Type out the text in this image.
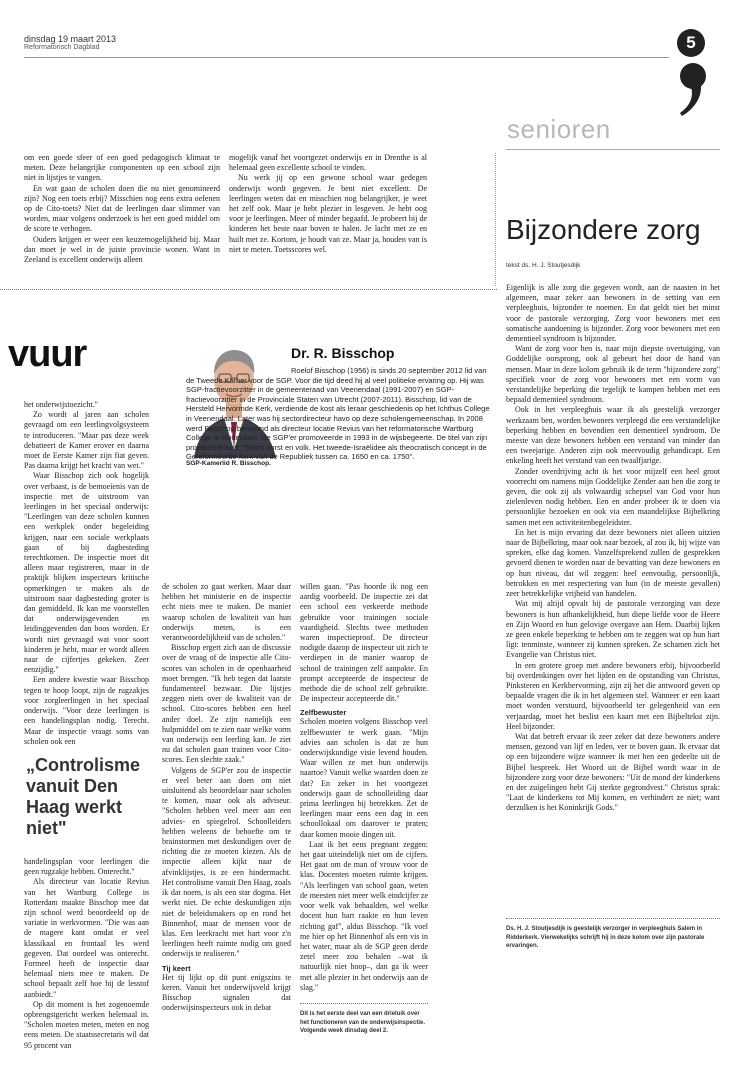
dinsdag 19 maart 2013
Reformatorisch Dagblad	5
senioren
Bijzondere zorg
tekst ds. H. J. Stoutjesdijk

Eigenlijk is alle zorg die gegeven wordt, aan de naasten in het algemeen, maar zeker aan bewoners in de setting van een verpleeghuis, bijzonder te noemen. En dat geldt niet het minst voor de pastorale verzorging. Zorg voor bewoners met een somatische aandoening is bijzonder. Zorg voor bewoners met een dementieel syndroom is bijzonder.

Want de zorg voor hen is, naar mijn diepste overtuiging, van Goddelijke oorsprong, ook al gebeurt het door de hand van mensen. Maar in deze kolom gebruik ik de term "bijzondere zorg" specifiek voor de zorg voor bewoners met een vorm van verstandelijke beperking die tegelijk te kampen hebben met een bepaald dementieel syndroom.

Ook in het verpleeghuis waar ik als geestelijk verzorger werkzaam ben, worden bewoners verpleegd die een verstandelijke beperking hebben en bovendien een dementieel syndroom. De meeste van deze bewoners hebben een verstand van minder dan een tweejarige. Anderen zijn ook meervoudig gehandicapt. Een enkeling heeft het verstand van een twaalfjarige.

Zonder overdrijving acht ik het voor mijzelf een heel groot voorrecht om namens mijn Goddelijke Zender aan hen die zorg te geven, die ook zij als volwaardig schepsel van God voor hun zielenleven nodig hebben. Een en ander probeer ik te doen via persoonlijke bezoeken en ook via een maandelijkse Bijbelkring samen met een activiteitenbegeleidster.

En het is mijn ervaring dat deze bewoners niet alleen uitzien naar de Bijbelkring, maar ook naar bezoek, al zou ik, bij wijze van spreken, elke dag komen. Vanzelfsprekend zullen de gesprekken gevoerd dienen te worden naar de bevatting van deze bewoners en op hun niveau, dat wil zeggen: heel eenvoudig, persoonlijk, betrokken en met respectering van hun (in de meeste gevallen) zeer betrekkelijke vrijheid van handelen.

Wat mij altijd opvalt bij de pastorale verzorging van deze bewoners is hun afhankelijkheid, hun diepe liefde voor de Heere en Zijn Woord en hun gelovige overgave aan Hem. Daarbij lijken ze geen enkele beperking te hebben om te zeggen wat op hun hart ligt: tenminste, wanneer zij kunnen spreken. Ze schamen zich het Evangelie van Christus niet.

In een grotere groep met andere bewoners erbij, bijvoorbeeld bij overdenkingen over het lijden en de opstanding van Christus, Pinksteren en Kerkhervorming, zijn zij het die antwoord geven op bepaalde vragen die ik in het algemeen stel. Wanneer er een kaart moet worden verstuurd, bijvoorbeeld ter gelegenheid van een verjaardag, moet het beslist een kaart met een Bijbeltekst zijn. Heel bijzonder.

Wat dat betreft ervaar ik zeer zeker dat deze bewoners andere mensen, gezond van lijf en leden, ver te boven gaan. Ik ervaar dat op een bijzondere wijze wanneer ik met hen een gedeelte uit de Bijbel bespreek. Het Woord uit de Bijbel wordt waar in de bijzondere zorg voor deze bewoners: "Uit de mond der kinderkens en der zuigelingen hebt Gij sterkte gegrondvest." Christus sprak: "Laat de kinderkens tot Mij komen, en verhindert ze niet; want derzulken is het Koninkrijk Gods."

Ds. H. J. Stoutjesdijk is geestelijk verzorger in verpleeghuis Salem in Ridderkerk. Vierwekelijks schrijft hij in deze kolom over zijn pastorale ervaringen.

om een goede sfeer of een goed pedagogisch klimaat te meten. Deze belangrijke componenten op een school zijn niet in lijstjes te vangen.

En wat gaan de scholen doen die nu niet genomineerd zijn? Nog een toets erbij? Misschien nog eens extra oefenen op de Cito-toets? Niet dat de leerlingen daar slimmer van worden, maar volgens onderzoek is het een goed middel om de score te verhogen.

Ouders krijgen er weer een keuzemogelijkheid bij. Maar dan moet je wel in de juiste provincie wonen. Want in Zeeland is excellent onderwijs alleen

mogelijk vanaf het voortgezet onderwijs en in Drenthe is al helemaal geen excellente school te vinden.

Nu werk jij op een gewone school waar gedegen onderwijs wordt gegeven. Je bent niet excellent. De leerlingen weten dat en misschien nog belangrijker, je weet het zelf ook. Maar je hebt plezier in lesgeven. Je hebt oog voor je leerlingen. Meer of minder begaafd. Je probeert bij de kinderen het beste naar boven te halen. Je lacht met ze en huilt met ze. Kortom, je houdt van ze. Maar ja, houden van is niet te meten. Toetsscores wel.

vuur
SGP-Kamerlid R. Bisschop.
Dr. R. Bisschop
Roelof Bisschop (1956) is sinds 20 september 2012 lid van de Tweede Kamer voor de SGP. Voor die tijd deed hij al veel politieke ervaring op. Hij was SGP-fractievoorzitter in de gemeenteraad van Veenendaal (1991-2007) en SGP-fractievoorzitter in de Provinciale Staten van Utrecht (2007-2011). Bisschop, lid van de Hersteld Hervormde Kerk, verdiende de kost als leraar geschiedenis op het Ichthus College in Veenendaal. Later was hij sectordirecteur havo op deze scholengemeenschap. In 2008 werd Bisschop benoemd als directeur locatie Revius van het reformatorische Wartburg College te Rotterdam. De SGP'er promoveerde in 1993 in de wijsbegeerte. De titel van zijn proefschrift luidt: "Sions vorst en volk. Het tweede-Israëlidee als theocratisch concept in de Gereformeerde kerk van de Republiek tussen ca. 1650 en ca. 1750".

het onderwijstoezicht."

Zo wordt al jaren aan scholen gevraagd om een leerlingvolgsysteem te introduceren. "Maar pas deze week debatteert de Kamer erover en daarna moet de Eerste Kamer zijn fiat geven. Pas daarna krijgt het kracht van wet."

Waar Bisschop zich ook hogelijk over verbaast, is de bemoeienis van de inspectie met de uitstroom van leerlingen in het speciaal onderwijs: "Leerlingen van deze scholen kunnen een werkplek onder begeleiding krijgen, naar een sociale werkplaats gaan of bij dagbesteding terechtkomen. De inspectie moet dit alleen maar registreren, maar in de praktijk blijken inspecteurs kritische opmerkingen te maken als de uitstroom naar dagbesteding groter is dan gemiddeld. Ik kan me voorstellen dat onderwijsgevenden en leidinggevenden dan boos worden. Er wordt niet gevraagd wat voor soort kinderen je hebt, maar er wordt alleen naar de cijfertjes gekeken. Zeer eenzijdig."

Een andere kwestie waar Bisschop tegen te hoop loopt, zijn de rugzakjes voor zorgleerlingen in het speciaal onderwijs. "Voor deze leerlingen is een handelingsplan nodig. Terecht. Maar de inspectie vraagt soms van scholen ook een

„Controlisme vanuit Den Haag werkt niet"

handelingsplan voor leerlingen die geen rugzakje hebben. Onterecht."

Als directeur van locatie Revius van het Wartburg College in Rotterdam maakte Bisschop mee dat zijn school werd beoordeeld op de variatie in werkvormen. "Die was aan de magere kant omdat er veel klassikaal en frontaal les werd gegeven. Dat oordeel was onterecht. Formeel heeft de inspectie daar helemaal niets mee te maken. De school bepaalt zelf hoe hij de lesstof aanbiedt."

Op dit moment is het zogenoemde opbrengstgericht werken helemaal in. "Scholen moeten meten, meten en nog eens meten. De staatssecretaris wil dat 95 procent van

de scholen zo gaat werken. Maar daar hebben het ministerie en de inspectie echt niets mee te maken. De manier waarop scholen de kwaliteit van hun onderwijs meten, is een verantwoordelijkheid van de scholen."

Bisschop ergert zich aan de discussie over de vraag of de inspectie alle Cito-scores van scholen in de openbaarheid moet brengen. "Ik heb tegen dat laatste fundamenteel bezwaar. Die lijstjes zeggen niets over de kwaliteit van de school. Cito-scores hebben een heel ander doel. Ze zijn namelijk een hulpmiddel om te zien naar welke vorm van onderwijs een leerling kan. Je ziet nu dat scholen gaan trainen voor Cito-scores. Een slechte zaak."

Volgens de SGP'er zou de inspectie er veel beter aan doen om niet uitsluitend als beoordelaar naar scholen te komen, maar ook als adviseur. "Scholen hebben veel meer aan een advies- en spiegelrol. Schoolleiders hebben weleens de behoefte om te brainstormen met deskundigen over de richting die ze moeten kiezen. Als de inspectie alleen kijkt naar de afvinklijstjes, is ze een hindermacht. Het controlisme vanuit Den Haag, zoals ik dat noem, is als een star dogma. Het werkt niet. De echte deskundigen zijn niet de beleidsmakers op en rond het Binnenhof, maar de mensen voor de klas. Een leerkracht met hart voor z'n leerlingen heeft ruimte nodig om goed onderwijs te realiseren."

Tij keert

Het tij lijkt op dit punt enigszins te keren. Vanuit het onderwijsveld krijgt Bisschop signalen dat onderwijsinspecteurs ook in debat

willen gaan. "Pas hoorde ik nog een aardig voorbeeld. De inspectie zei dat een school een verkeerde methode gebruikte voor trainingen sociale vaardigheid. Slechts twee methoden waren inspectieproof. De directeur nodigde daarop de inspecteur uit zich te verdiepen in de manier waarop de school de trainingen zelf aanpakte. En prompt accepteerde de inspecteur de methode die de school zelf gebruikte. De inspecteur accepteerde dit."

Zelfbewuster

Scholen moeten volgens Bisschop veel zelfbewuster te werk gaan. "Mijn advies aan scholen is dat ze hun onderwijskundige visie levend houden. Waar willen ze met hun onderwijs naartoe? Vanuit welke waarden doen ze dat? En zeker in het voortgezet onderwijs gaan de schoolleiding daar prima leerlingen bij betrekken. Zet de leerlingen maar eens een dag in een schoollokaal om daarover te praten; daar komen mooie dingen uit.

Laat ik het eens pregnant zeggen: het gaat uiteindelijk niet om de cijfers. Het gaat om de man of vrouw voor de klas. Docenten moeten ruimte krijgen. "Als leerlingen van school gaan, weten de meesten niet meer welk eindcijfer ze voor welk vak behaalden, wel welke docent hun hart raakte en hun leven richting gaf", aldus Bisschop. "Ik voel me hier op het Binnenhof als een vis in het water, maar als de SGP geen derde zetel meer zou behalen –wat ik natuurlijk niet hoop–, dan ga ik weer met alle plezier in het onderwijs aan de slag."

Dit is het eerste deel van een drieluik over het functioneren van de onderwijsinspectie. Volgende week dinsdag deel 2.
